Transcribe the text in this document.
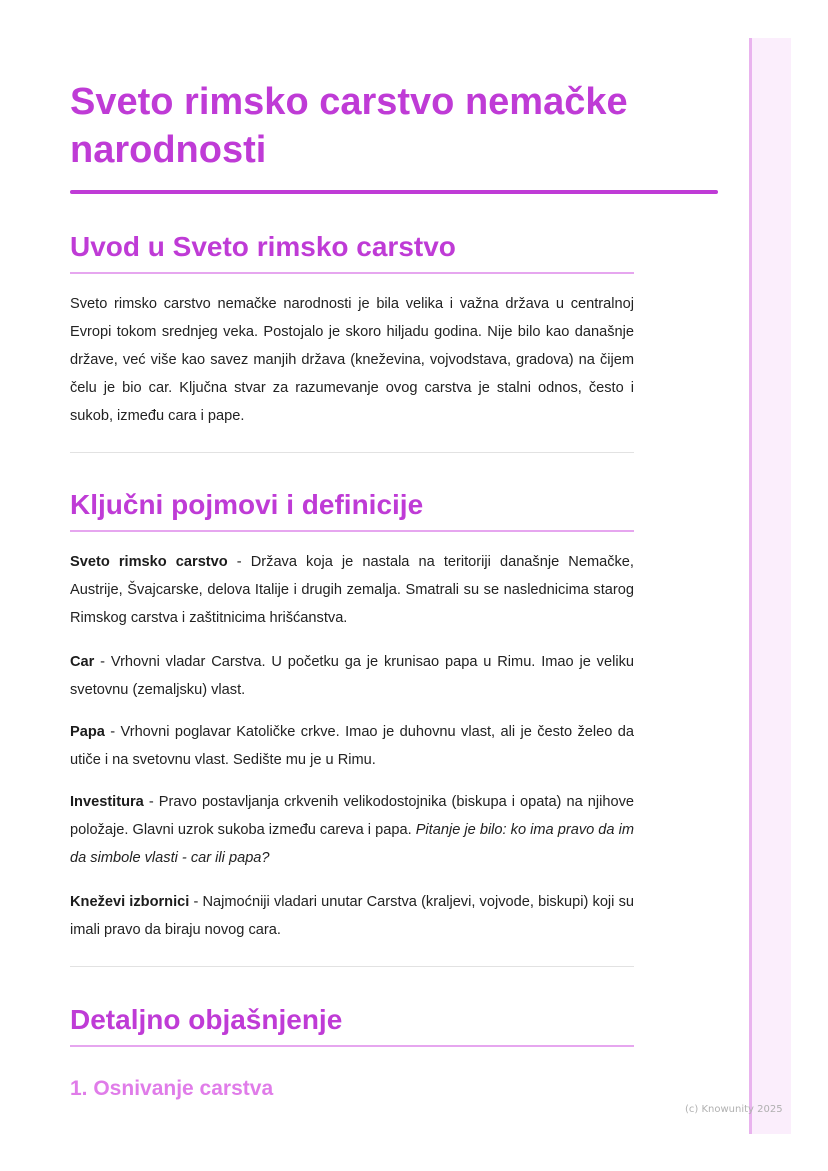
Sveto rimsko carstvo nemačke narodnosti
Uvod u Sveto rimsko carstvo

Sveto rimsko carstvo nemačke narodnosti je bila velika i važna država u centralnoj Evropi tokom srednjeg veka. Postojalo je skoro hiljadu godina. Nije bilo kao današnje države, već više kao savez manjih država (kneževina, vojvodstava, gradova) na čijem čelu je bio car. Ključna stvar za razumevanje ovog carstva je stalni odnos, često i sukob, između cara i pape.

Ključni pojmovi i definicije

Sveto rimsko carstvo - Država koja je nastala na teritoriji današnje Nemačke, Austrije, Švajcarske, delova Italije i drugih zemalja. Smatrali su se naslednicima starog Rimskog carstva i zaštitnicima hrišćanstva.

Car - Vrhovni vladar Carstva. U početku ga je krunisao papa u Rimu. Imao je veliku svetovnu (zemaljsku) vlast.

Papa - Vrhovni poglavar Katoličke crkve. Imao je duhovnu vlast, ali je često želeo da utiče i na svetovnu vlast. Sedište mu je u Rimu.

Investitura - Pravo postavljanja crkvenih velikodostojnika (biskupa i opata) na njihove položaje. Glavni uzrok sukoba između careva i papa. Pitanje je bilo: ko ima pravo da im da simbole vlasti - car ili papa?

Kneževi izbornici - Najmoćniji vladari unutar Carstva (kraljevi, vojvode, biskupi) koji su imali pravo da biraju novog cara.

Detaljno objašnjenje
1. Osnivanje carstva
(c) Knowunity 2025
